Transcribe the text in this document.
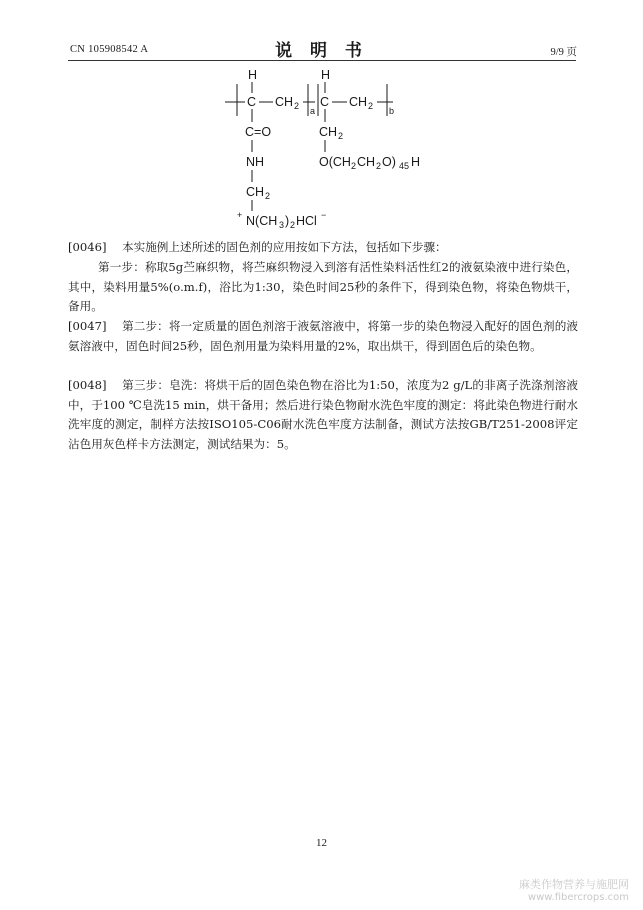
CN 105908542 A	说 明 书	9/9 页
H
C CH 2 a
H
C CH 2 b
C=O
NH
CH 2
+ N(CH 3 ) 2 HCl −
CH 2
O(CH 2 CH 2 O) 45 H
[0046] 本实施例上述所述的固色剂的应用按如下方法，包括如下步骤：
第一步：称取5g苎麻织物，将苎麻织物浸入到溶有活性染料活性红2的液氨染液中进行染色，其中，染料用量5%(o.m.f)，浴比为1:30，染色时间25秒的条件下，得到染色物，将染色物烘干，备用。
[0047] 第二步：将一定质量的固色剂溶于液氨溶液中，将第一步的染色物浸入配好的固色剂的液氨溶液中，固色时间25秒，固色剂用量为染料用量的2%，取出烘干，得到固色后的染色物。
[0048] 第三步：皂洗：将烘干后的固色染色物在浴比为1:50，浓度为2 g/L的非离子洗涤剂溶液中，于100 ℃皂洗15 min，烘干备用；然后进行染色物耐水洗色牢度的测定：将此染色物进行耐水洗牢度的测定，制样方法按ISO105-C06耐水洗色牢度方法制备，测试方法按GB/T251-2008评定沾色用灰色样卡方法测定，测试结果为：5。
12
麻类作物营养与施肥网
www.fibercrops.com
